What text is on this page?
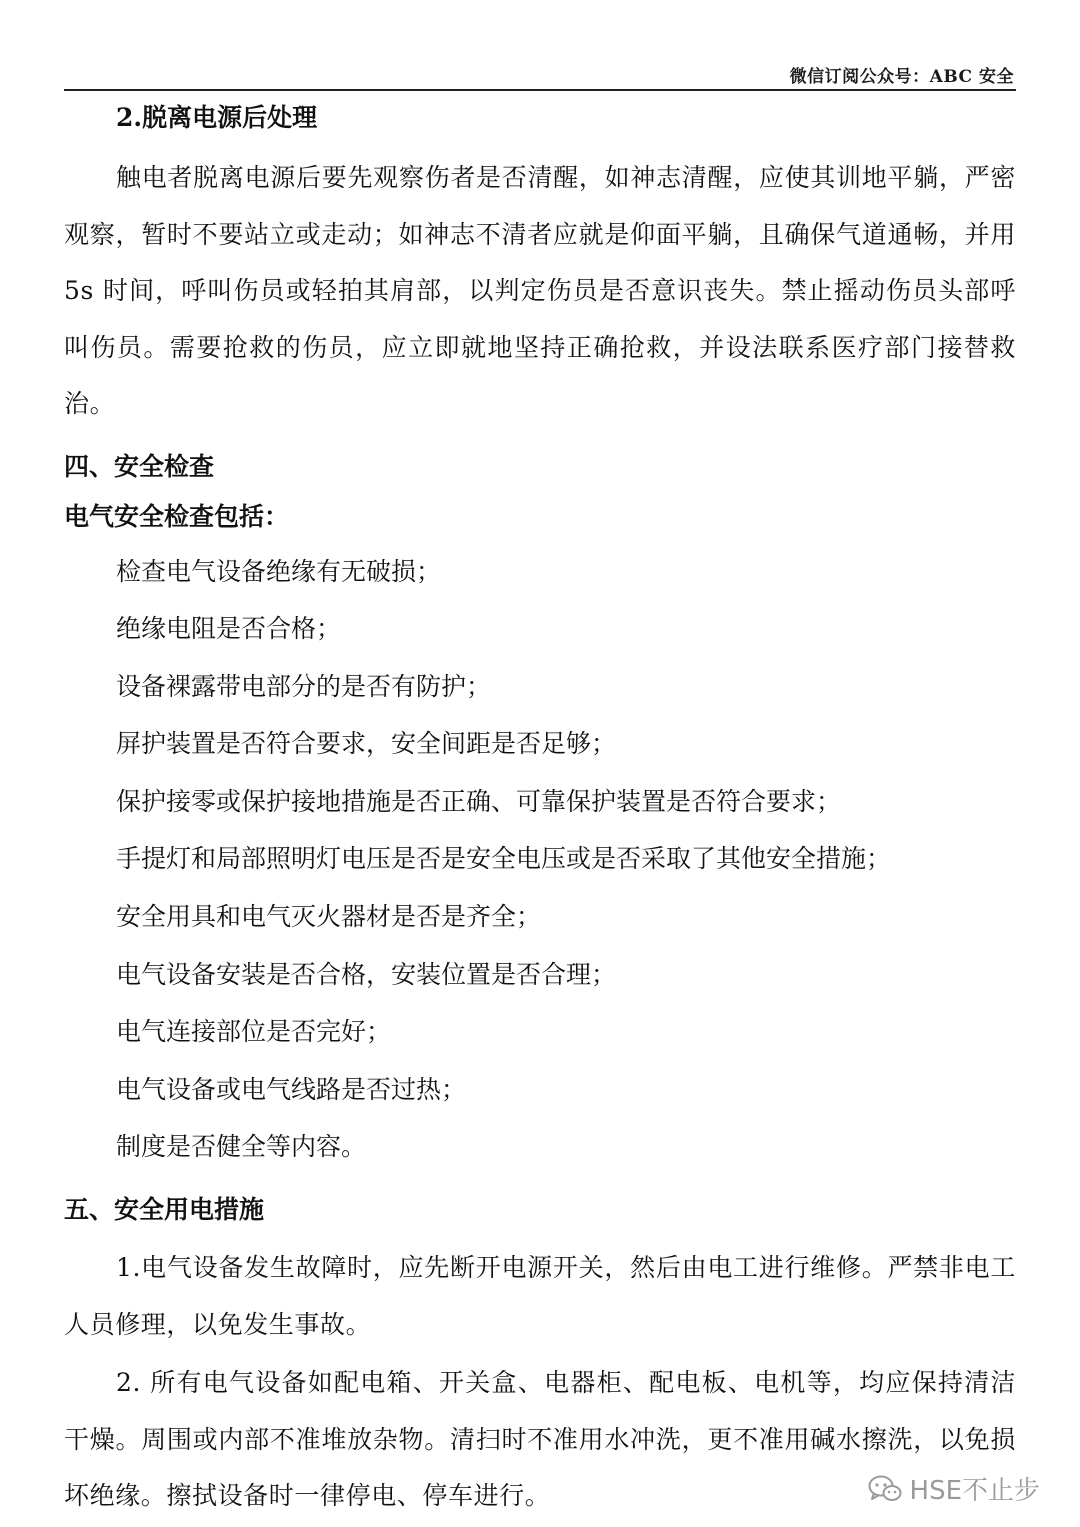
微信订阅公众号：ABC 安全
2.脱离电源后处理

触电者脱离电源后要先观察伤者是否清醒，如神志清醒，应使其训地平躺，严密观察，暂时不要站立或走动；如神志不清者应就是仰面平躺，且确保气道通畅，并用 5s 时间，呼叫伤员或轻拍其肩部，以判定伤员是否意识丧失。禁止摇动伤员头部呼叫伤员。需要抢救的伤员，应立即就地坚持正确抢救，并设法联系医疗部门接替救治。

四、安全检查
电气安全检查包括：
检查电气设备绝缘有无破损；
绝缘电阻是否合格；
设备裸露带电部分的是否有防护；
屏护装置是否符合要求，安全间距是否足够；
保护接零或保护接地措施是否正确、可靠保护装置是否符合要求；
手提灯和局部照明灯电压是否是安全电压或是否采取了其他安全措施；
安全用具和电气灭火器材是否是齐全；
电气设备安装是否合格，安装位置是否合理；
电气连接部位是否完好；
电气设备或电气线路是否过热；
制度是否健全等内容。
五、安全用电措施

1.电气设备发生故障时，应先断开电源开关，然后由电工进行维修。严禁非电工人员修理，以免发生事故。

2. 所有电气设备如配电箱、开关盒、电器柜、配电板、电机等，均应保持清洁干燥。周围或内部不准堆放杂物。清扫时不准用水冲洗，更不准用碱水擦洗，以免损坏绝缘。擦拭设备时一律停电、停车进行。	HSE不止步
